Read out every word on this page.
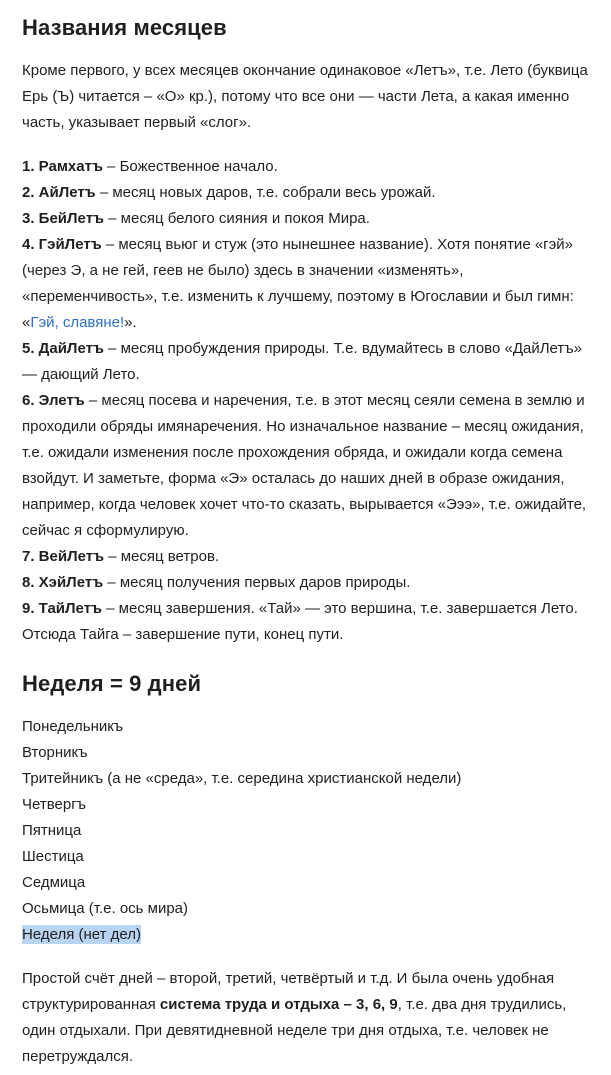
Названия месяцев

Кроме первого, у всех месяцев окончание одинаковое «Летъ», т.е. Лето (буквица Ерь (Ъ) читается – «О» кр.), потому что все они — части Лета, а какая именно часть, указывает первый «слог».

1. Рамхатъ – Божественное начало.
2. АйЛетъ – месяц новых даров, т.е. собрали весь урожай.
3. БейЛетъ – месяц белого сияния и покоя Мира.
4. ГэйЛетъ – месяц вьюг и стуж (это нынешнее название). Хотя понятие «гэй» (через Э, а не гей, геев не было) здесь в значении «изменять», «переменчивость», т.е. изменить к лучшему, поэтому в Югославии и был гимн: «Гэй, славяне!».
5. ДайЛетъ – месяц пробуждения природы. Т.е. вдумайтесь в слово «ДайЛетъ» — дающий Лето.
6. Элетъ – месяц посева и наречения, т.е. в этот месяц сеяли семена в землю и проходили обряды имянаречения. Но изначальное название – месяц ожидания, т.е. ожидали изменения после прохождения обряда, и ожидали когда семена взойдут. И заметьте, форма «Э» осталась до наших дней в образе ожидания, например, когда человек хочет что-то сказать, вырывается «Эээ», т.е. ожидайте, сейчас я сформулирую.
7. ВейЛетъ – месяц ветров.
8. ХэйЛетъ – месяц получения первых даров природы.
9. ТайЛетъ – месяц завершения. «Тай» — это вершина, т.е. завершается Лето. Отсюда Тайга – завершение пути, конец пути.
Неделя = 9 дней
Понедельникъ
Вторникъ
Тритейникъ (а не «среда», т.е. середина христианской недели)
Четвергъ
Пятница
Шестица
Седмица
Осьмица (т.е. ось мира)
Неделя (нет дел)

Простой счёт дней – второй, третий, четвёртый и т.д. И была очень удобная структурированная система труда и отдыха – 3, 6, 9, т.е. два дня трудились, один отдыхали. При девятидневной неделе три дня отдыха, т.е. человек не перетруждался.
